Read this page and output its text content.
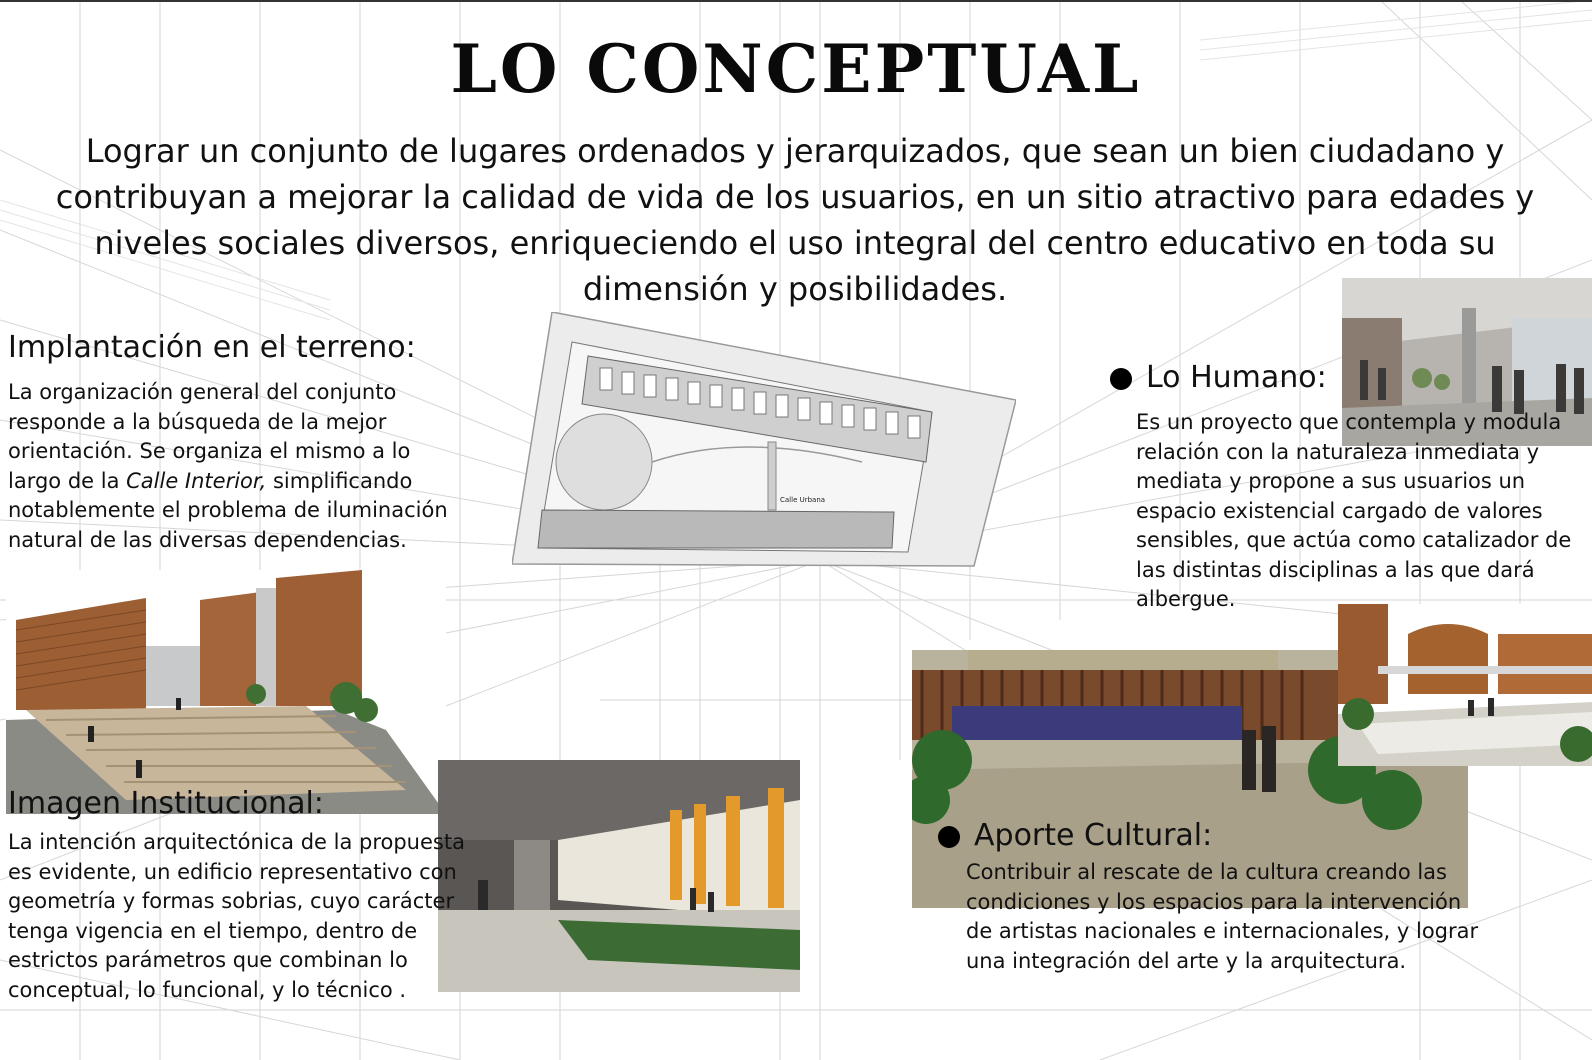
LO CONCEPTUAL
Lograr un conjunto de lugares ordenados y jerarquizados, que sean un bien ciudadano y contribuyan a mejorar la calidad de vida de los usuarios, en un sitio atractivo para edades y niveles sociales diversos, enriqueciendo el uso integral del centro educativo en toda su dimensión y posibilidades.
Calle Urbana
Implantación en el terreno:
La organización general del conjunto responde a la búsqueda de la mejor orientación. Se organiza el mismo a lo largo de la Calle Interior, simplificando notablemente el problema de iluminación natural de las diversas dependencias.
Lo Humano:
Es un proyecto que contempla y modula relación con la naturaleza inmediata y mediata y propone a sus usuarios un espacio existencial cargado de valores sensibles, que actúa como catalizador de las distintas disciplinas a las que dará albergue.
Imagen Institucional:
La intención arquitectónica de la propuesta es evidente, un edificio representativo con geometría y formas sobrias, cuyo carácter tenga vigencia en el tiempo, dentro de estrictos parámetros que combinan lo conceptual, lo funcional, y lo técnico .
Aporte Cultural:
Contribuir al rescate de la cultura creando las condiciones y los espacios para la intervención de artistas nacionales e internacionales, y lograr una integración del arte y la arquitectura.
